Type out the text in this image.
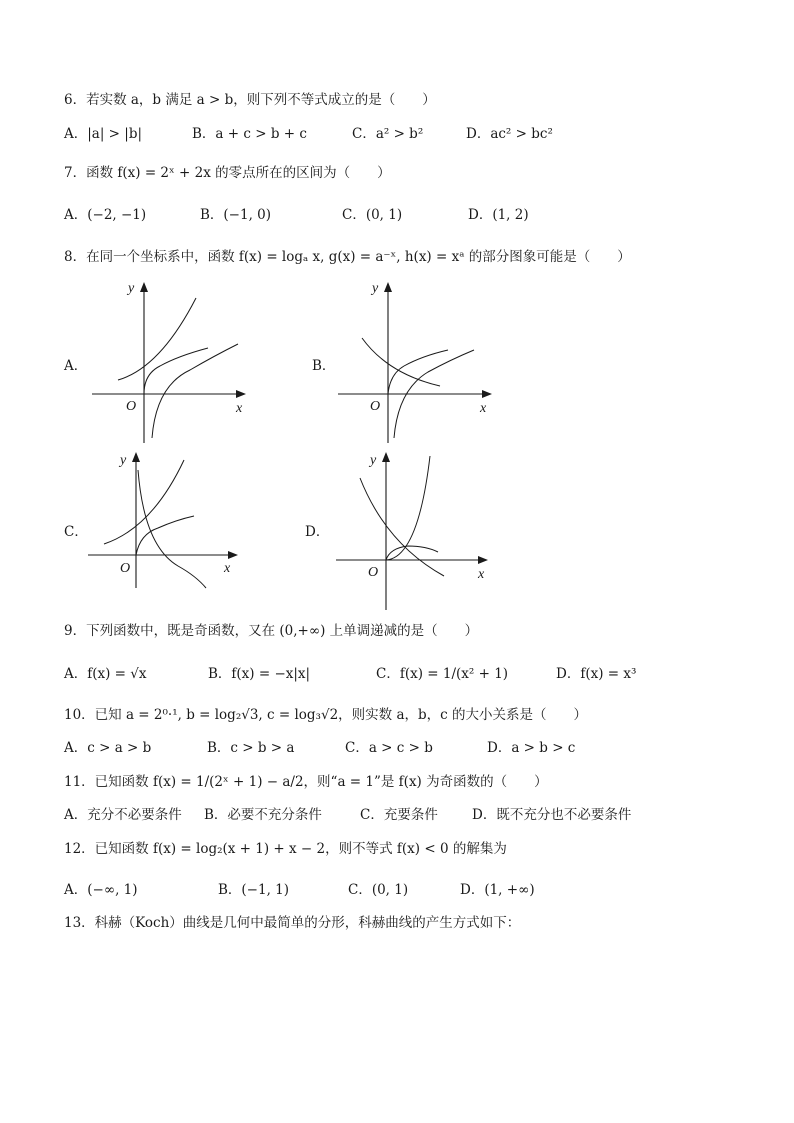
6．若实数 a，b 满足 a > b，则下列不等式成立的是（　　）
A．|a| > |b|	B．a + c > b + c	C．a² > b²	D．ac² > bc²
7．函数 f(x) = 2ˣ + 2x 的零点所在的区间为（　　）
A．(−2, −1)	B．(−1, 0)	C．(0, 1)	D．(1, 2)
8．在同一个坐标系中，函数 f(x) = logₐ x, g(x) = a⁻ˣ, h(x) = xᵃ 的部分图象可能是（　　）
A．	B．
C．	D．
y
x
O
y
x
O
y
x
O
y
x
O
9．下列函数中，既是奇函数，又在 (0,+∞) 上单调递减的是（　　）
A．f(x) = √x	B．f(x) = −x|x|	C．f(x) = 1/(x² + 1)	D．f(x) = x³
10．已知 a = 2⁰·¹, b = log₂√3, c = log₃√2，则实数 a，b，c 的大小关系是（　　）
A．c > a > b	B．c > b > a	C．a > c > b	D．a > b > c
11．已知函数 f(x) = 1/(2ˣ + 1) − a/2，则“a = 1”是 f(x) 为奇函数的（　　）
A．充分不必要条件 B．必要不充分条件	C．充要条件	D．既不充分也不必要条件
12．已知函数 f(x) = log₂(x + 1) + x − 2，则不等式 f(x) < 0 的解集为
A．(−∞, 1)	B．(−1, 1)	C．(0, 1)	D．(1, +∞)
13．科赫（Koch）曲线是几何中最简单的分形，科赫曲线的产生方式如下：
